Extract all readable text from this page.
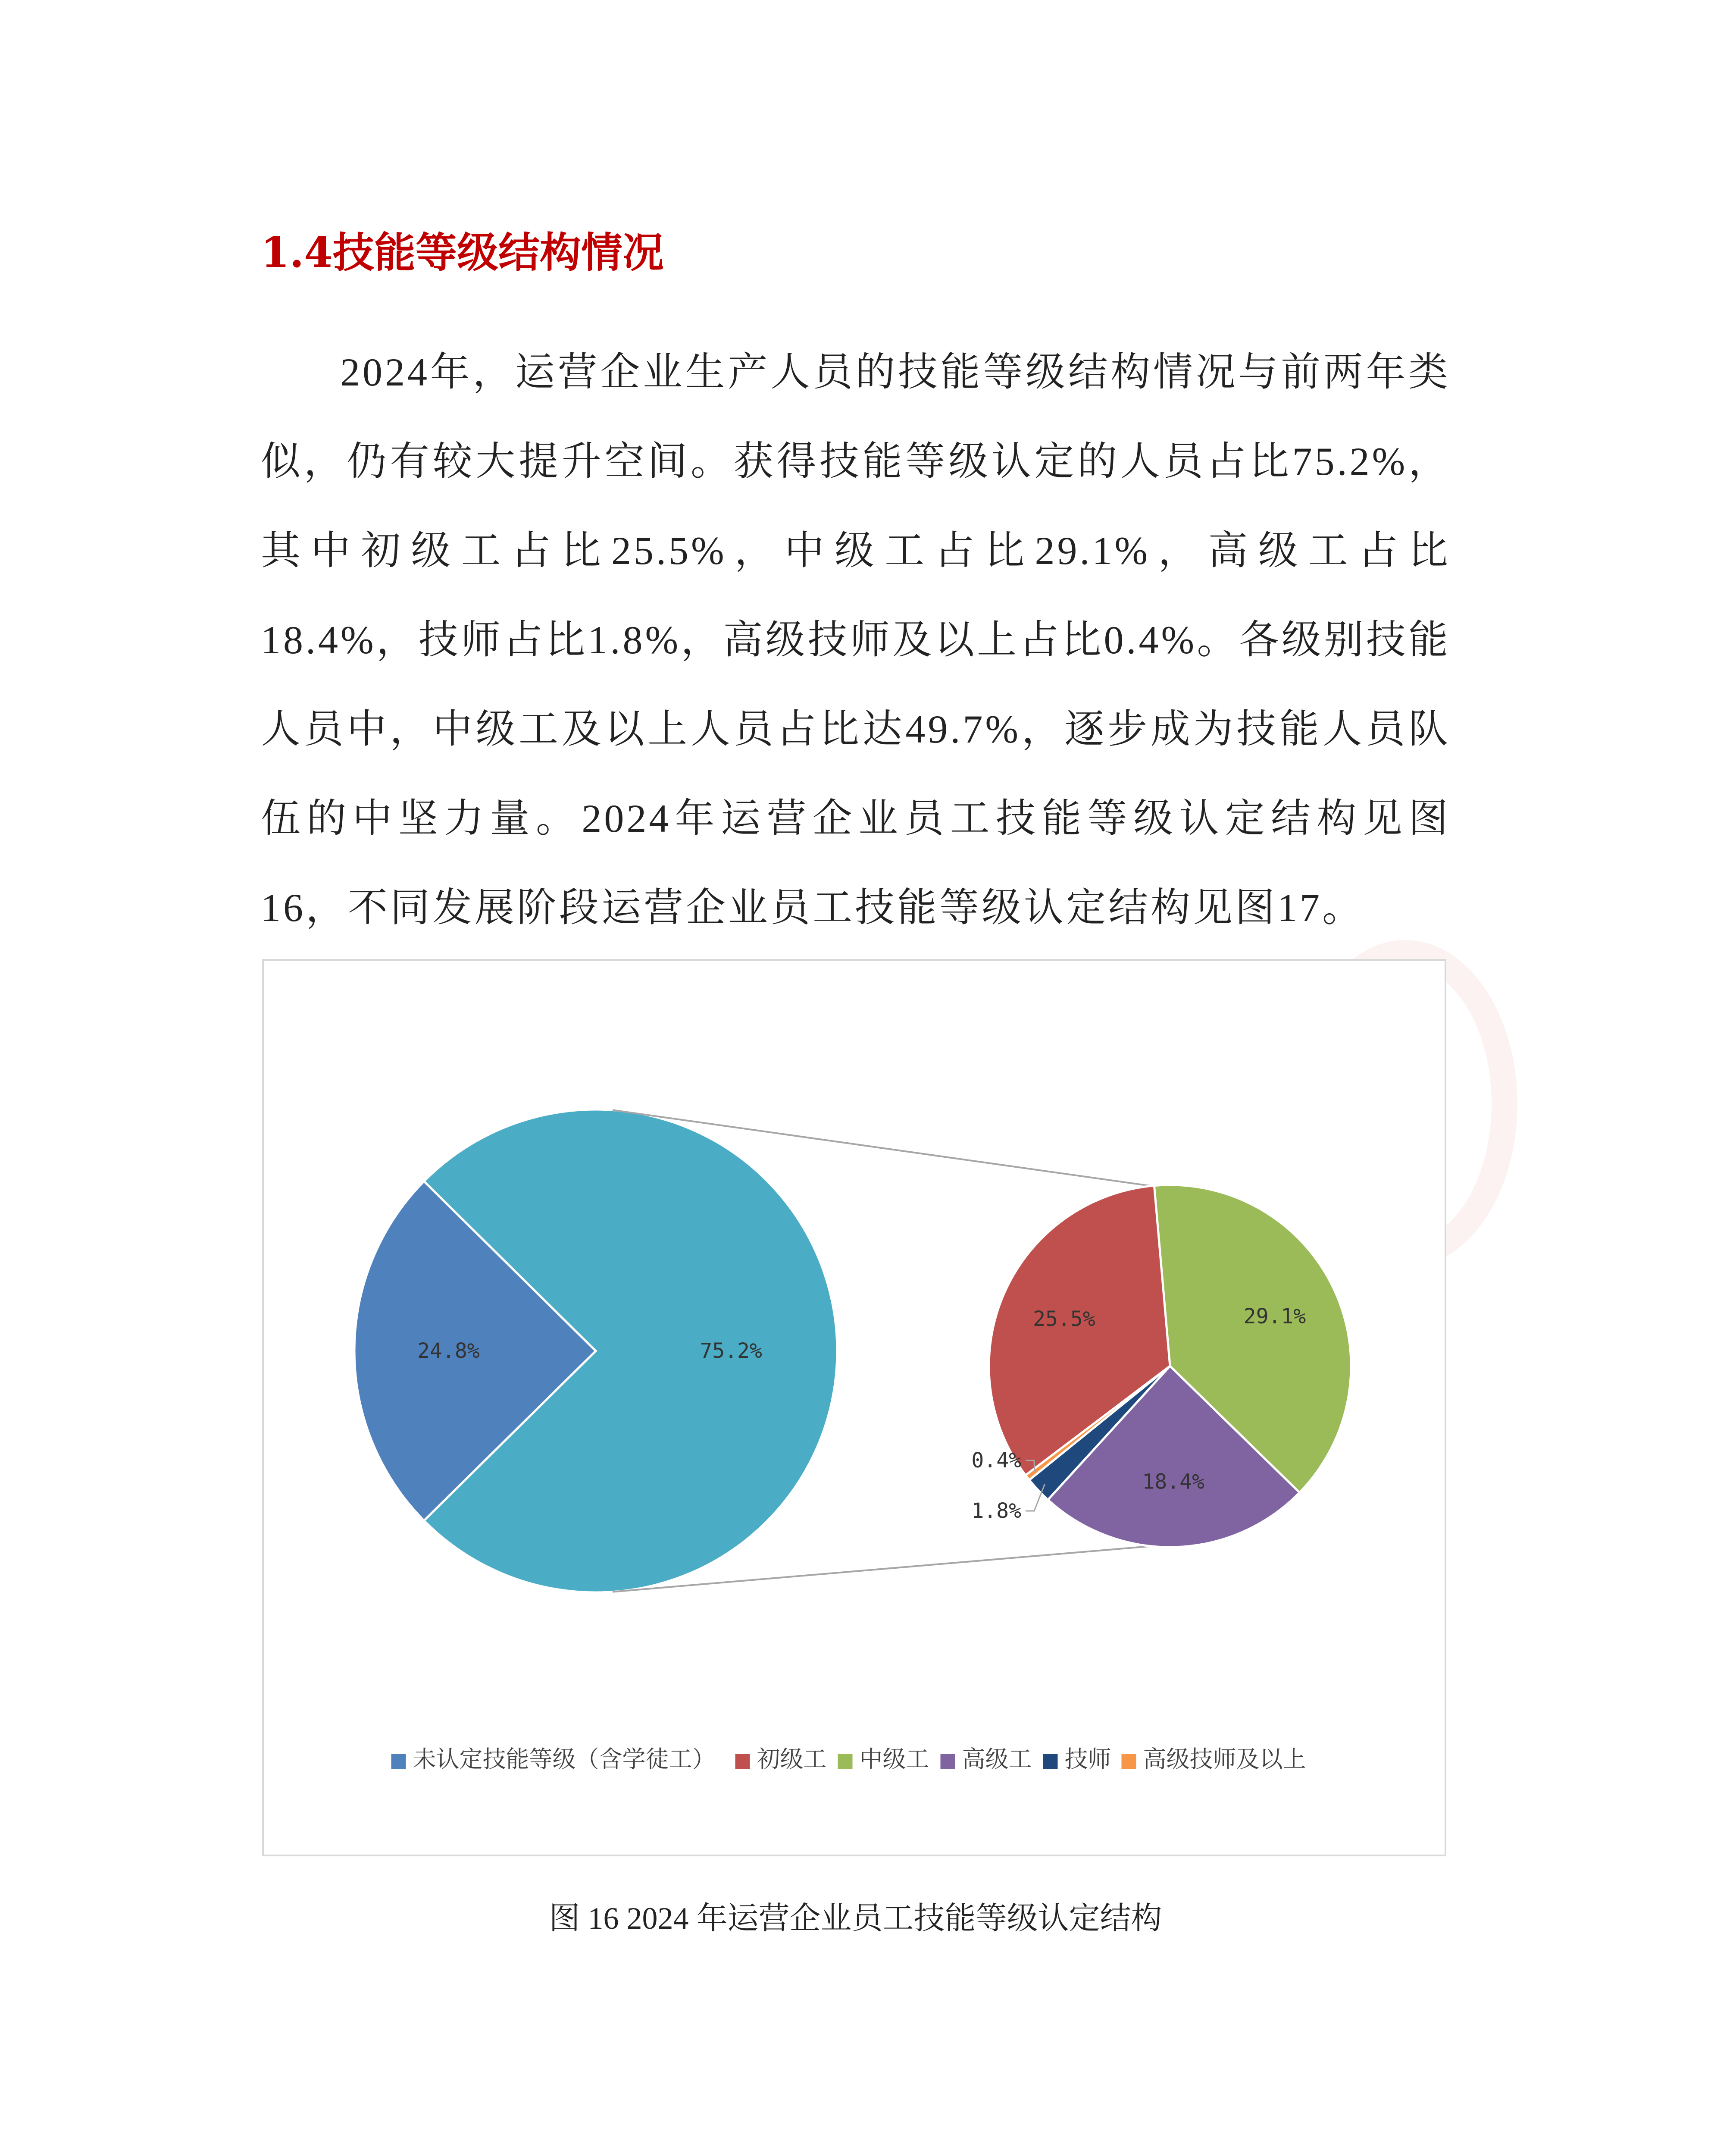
1.4技能等级结构情况

2024年，运营企业生产人员的技能等级结构情况与前两年类似，仍有较大提升空间。获得技能等级认定的人员占比75.2%，其中初级工占比25.5%，中级工占比29.1%，高级工占比18.4%，技师占比1.8%，高级技师及以上占比0.4%。各级别技能人员中，中级工及以上人员占比达49.7%，逐步成为技能人员队伍的中坚力量。2024年运营企业员工技能等级认定结构见图16，不同发展阶段运营企业员工技能等级认定结构见图17。

24.8%	75.2%
29.1%
18.4%
1.8%
0.4%
25.5%
未认定技能等级（含学徒工） 初级工 中级工 高级工 技师 高级技师及以上

图 16 2024 年运营企业员工技能等级认定结构
